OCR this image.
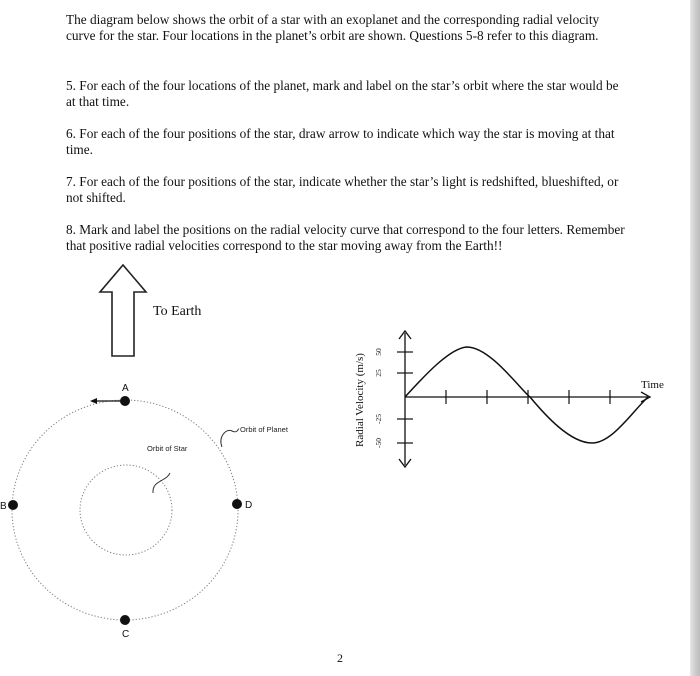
The diagram below shows the orbit of a star with an exoplanet and the corresponding radial velocity curve for the star. Four locations in the planet’s orbit are shown. Questions 5-8 refer to this diagram.

5. For each of the four locations of the planet, mark and label on the star’s orbit where the star would be at that time.

6. For each of the four positions of the star, draw arrow to indicate which way the star is moving at that time.

7. For each of the four positions of the star, indicate whether the star’s light is redshifted, blueshifted, or not shifted.

8. Mark and label the positions on the radial velocity curve that correspond to the four letters. Remember that positive radial velocities correspond to the star moving away from the Earth!!

To Earth
Orbit of Planet
Orbit of Star
A
B
C
D
50
25
-25
-50
Radial Velocity (m/s)	Time
2
